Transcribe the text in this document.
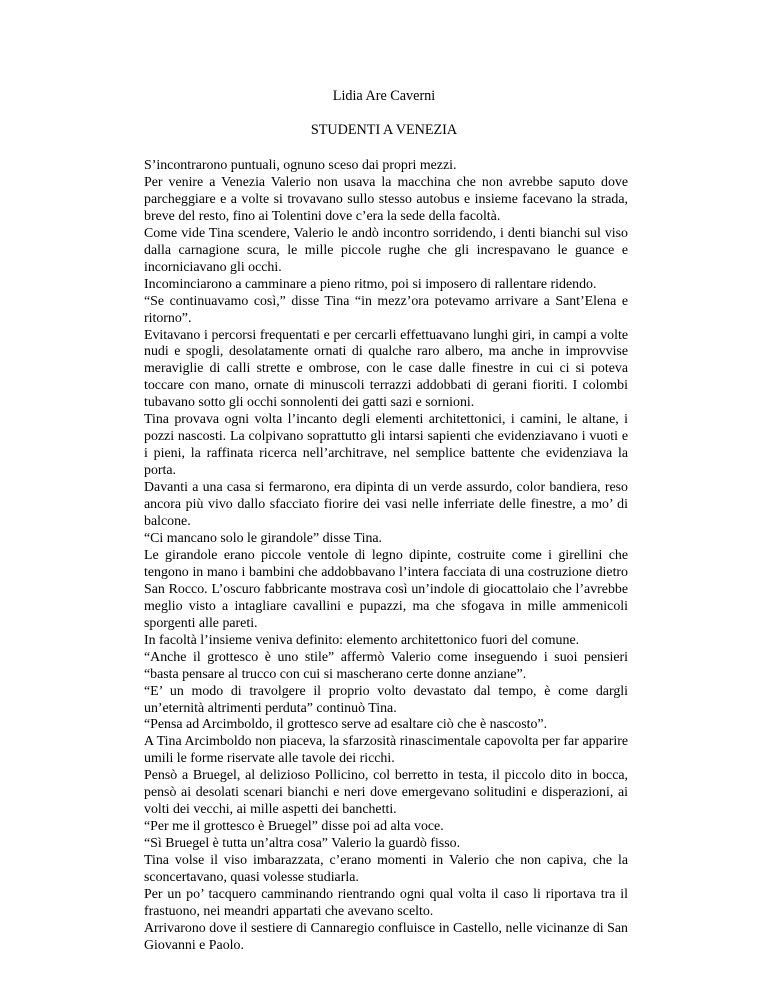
Lidia Are Caverni

STUDENTI A VENEZIA

S’incontrarono puntuali, ognuno sceso dai propri mezzi.

Per venire a Venezia Valerio non usava la macchina che non avrebbe saputo dove parcheggiare e a volte si trovavano sullo stesso autobus e insieme facevano la strada, breve del resto, fino ai Tolentini dove c’era la sede della facoltà.

Come vide Tina scendere, Valerio le andò incontro sorridendo, i denti bianchi sul viso dalla carnagione scura, le mille piccole rughe che gli increspavano le guance e incorniciavano gli occhi.

Incominciarono a camminare a pieno ritmo, poi si imposero di rallentare ridendo.

“Se continuavamo così,” disse Tina “in mezz’ora potevamo arrivare a Sant’Elena e ritorno”.

Evitavano i percorsi frequentati e per cercarli effettuavano lunghi giri, in campi a volte nudi e spogli, desolatamente ornati di qualche raro albero, ma anche in improvvise meraviglie di calli strette e ombrose, con le case dalle finestre in cui ci si poteva toccare con mano, ornate di minuscoli terrazzi addobbati di gerani fioriti. I colombi tubavano sotto gli occhi sonnolenti dei gatti sazi e sornioni.

Tina provava ogni volta l’incanto degli elementi architettonici, i camini, le altane, i pozzi nascosti. La colpivano soprattutto gli intarsi sapienti che evidenziavano i vuoti e i pieni, la raffinata ricerca nell’architrave, nel semplice battente che evidenziava la porta.

Davanti a una casa si fermarono, era dipinta di un verde assurdo, color bandiera, reso ancora più vivo dallo sfacciato fiorire dei vasi nelle inferriate delle finestre, a mo’ di balcone.

“Ci mancano solo le girandole” disse Tina.

Le girandole erano piccole ventole di legno dipinte, costruite come i girellini che tengono in mano i bambini che addobbavano l’intera facciata di una costruzione dietro San Rocco. L’oscuro fabbricante mostrava così un’indole di giocattolaio che l’avrebbe meglio visto a intagliare cavallini e pupazzi, ma che sfogava in mille ammenicoli sporgenti alle pareti.

In facoltà l’insieme veniva definito: elemento architettonico fuori del comune.

“Anche il grottesco è uno stile” affermò Valerio come inseguendo i suoi pensieri “basta pensare al trucco con cui si mascherano certe donne anziane”.

“E’ un modo di travolgere il proprio volto devastato dal tempo, è come dargli un’eternità altrimenti perduta” continuò Tina.

“Pensa ad Arcimboldo, il grottesco serve ad esaltare ciò che è nascosto”.

A Tina Arcimboldo non piaceva, la sfarzosità rinascimentale capovolta per far apparire umili le forme riservate alle tavole dei ricchi.

Pensò a Bruegel, al delizioso Pollicino, col berretto in testa, il piccolo dito in bocca, pensò ai desolati scenari bianchi e neri dove emergevano solitudini e disperazioni, ai volti dei vecchi, ai mille aspetti dei banchetti.

“Per me il grottesco è Bruegel” disse poi ad alta voce.

“Sì Bruegel è tutta un’altra cosa” Valerio la guardò fisso.

Tina volse il viso imbarazzata, c’erano momenti in Valerio che non capiva, che la sconcertavano, quasi volesse studiarla.

Per un po’ tacquero camminando rientrando ogni qual volta il caso li riportava tra il frastuono, nei meandri appartati che avevano scelto.

Arrivarono dove il sestiere di Cannaregio confluisce in Castello, nelle vicinanze di San Giovanni e Paolo.
